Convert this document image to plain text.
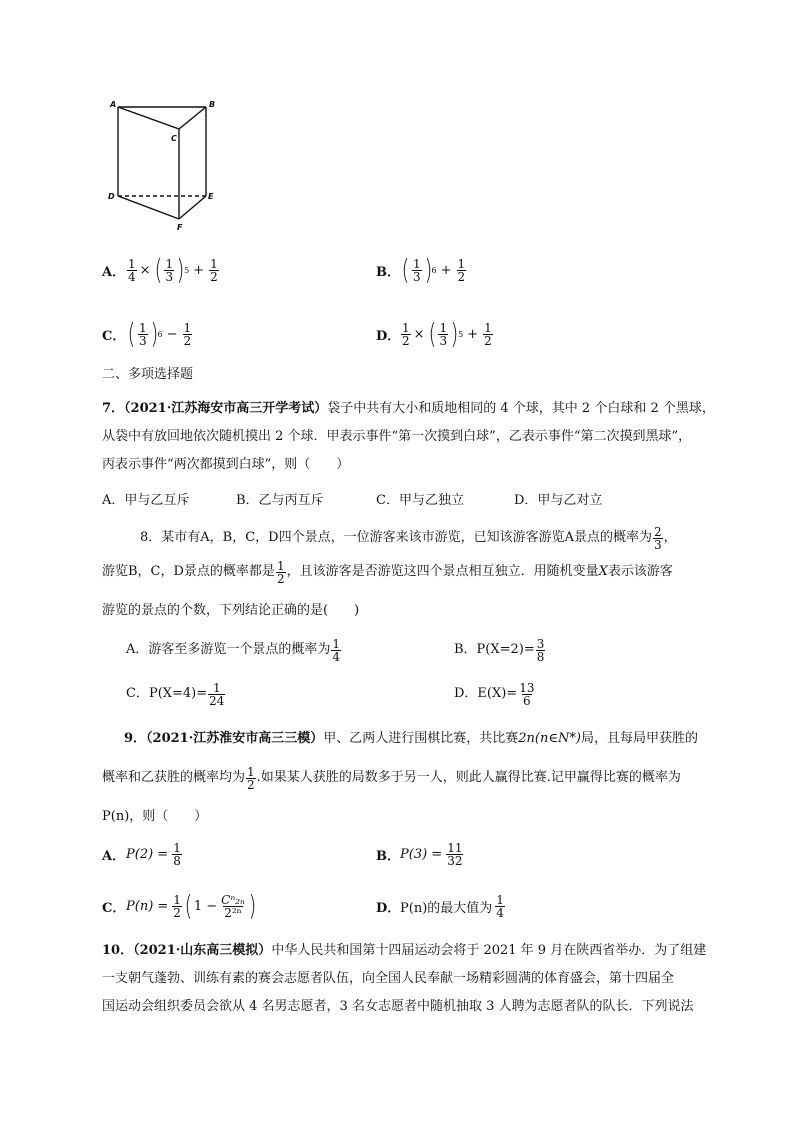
A	B
C
D	E
F
A． $\frac{1}{4}$ × ( $\frac{1}{3}$ ) $5 + \frac{1}{2}$	B． ( $\frac{1}{3}$ ) $6 + \frac{1}{2}$
C． ( $\frac{1}{3}$ ) $6 - \frac{1}{2}$	D． $\frac{1}{2}$ × ( $\frac{1}{3}$ ) $5 + \frac{1}{2}$
二、多项选择题
7．（2021·江苏海安市高三开学考试）袋子中共有大小和质地相同的 4 个球，其中 2 个白球和 2 个黑球，
从袋中有放回地依次随机摸出 2 个球．甲表示事件“第一次摸到白球”，乙表示事件“第二次摸到黑球”，
丙表示事件“两次都摸到白球”，则（　　）
A．甲与乙互斥	B．乙与丙互斥	C．甲与乙独立	D．甲与乙对立
8．某市有A，B，C，D四个景点，一位游客来该市游览，已知该游客游览A景点的概率为 $\frac{2}{3}$ ，
游览B，C，D景点的概率都是 $\frac{1}{2}$ ，且该游客是否游览这四个景点相互独立．用随机变量 X 表示该游客
游览的景点的个数，下列结论正确的是(　　)
A．游客至多游览一个景点的概率为 $\frac{1}{4}$	B．$P(X=2)= \frac{3}{8}$
C．$P(X=4)= \frac{1}{24}$	D．$E(X)= \frac{13}{6}$
9．（2021·江苏淮安市高三三模）甲、乙两人进行围棋比赛，共比赛2n(n∈N*)局，且每局甲获胜的
概率和乙获胜的概率均为 $\frac{1}{2}$ .如果某人获胜的局数多于另一人，则此人赢得比赛.记甲赢得比赛的概率为
P(n)，则（　　）
A． $P(2) = \frac{1}{8}$	B． $P(3) = \frac{11}{32}$
C． $P(n) = \frac{1}{2}$ ( $1 - \frac{\text{Cⁿ₂ₙ}}{\text{2²ⁿ}}$ )	D． P(n)的最大值为 $\frac{1}{4}$
10．（2021·山东高三模拟）中华人民共和国第十四届运动会将于 2021 年 9 月在陕西省举办．为了组建
一支朝气蓬勃、训练有素的赛会志愿者队伍，向全国人民奉献一场精彩圆满的体育盛会，第十四届全
国运动会组织委员会欲从 4 名男志愿者，3 名女志愿者中随机抽取 3 人聘为志愿者队的队长．下列说法
